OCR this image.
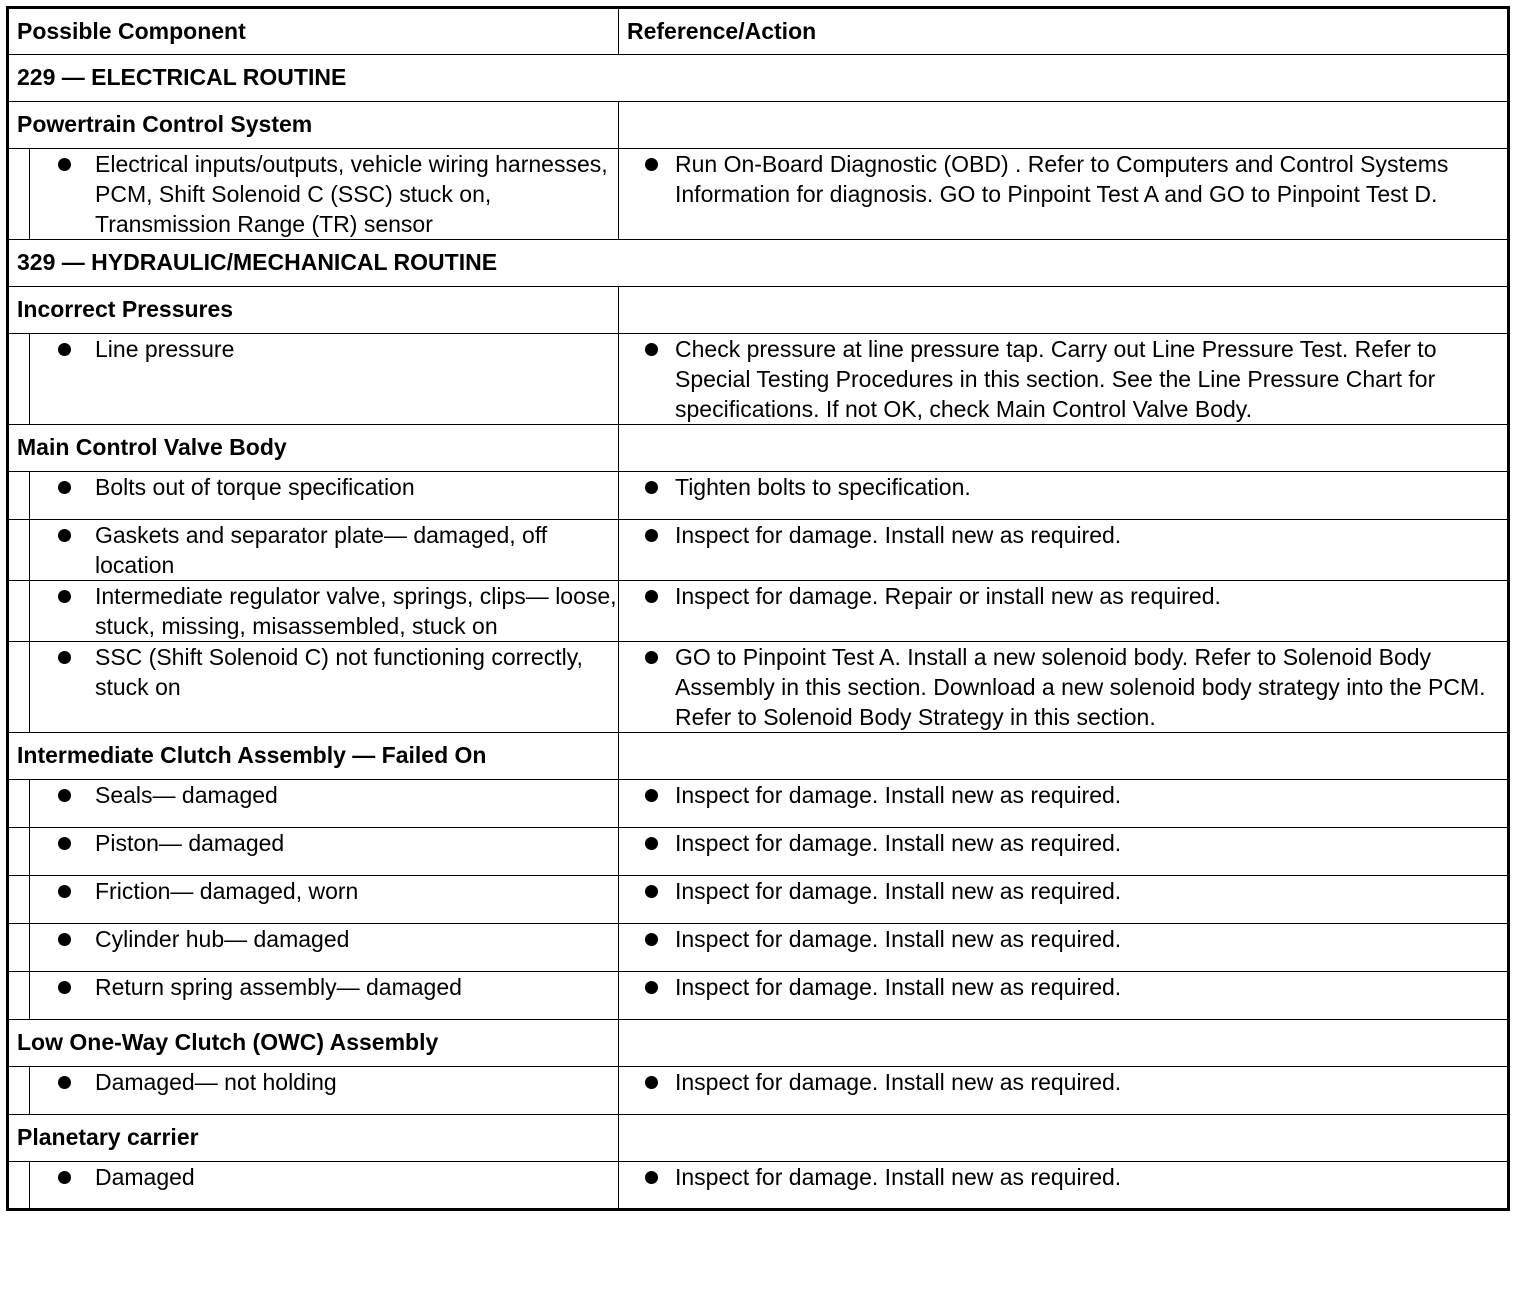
Possible Component		Reference/Action
229 — ELECTRICAL ROUTINE		
Powertrain Control System		

	Electrical inputs/outputs, vehicle wiring harnesses, PCM, Shift Solenoid C (SSC) stuck on, Transmission Range (TR) sensor	Run On-Board Diagnostic (OBD) . Refer to Computers and Control Systems Information for diagnosis. GO to Pinpoint Test A and GO to Pinpoint Test D.

329 — HYDRAULIC/MECHANICAL ROUTINE		
Incorrect Pressures		

	Line pressure	Check pressure at line pressure tap. Carry out Line Pressure Test. Refer to Special Testing Procedures in this section. See the Line Pressure Chart for specifications. If not OK, check Main Control Valve Body.

Main Control Valve Body		

	Bolts out of torque specification	Tighten bolts to specification.

	Gaskets and separator plate— damaged, off location	Inspect for damage. Install new as required.

	Intermediate regulator valve, springs, clips— loose, stuck, missing, misassembled, stuck on	Inspect for damage. Repair or install new as required.

	SSC (Shift Solenoid C) not functioning correctly, stuck on	GO to Pinpoint Test A. Install a new solenoid body. Refer to Solenoid Body Assembly in this section. Download a new solenoid body strategy into the PCM. Refer to Solenoid Body Strategy in this section.

Intermediate Clutch Assembly — Failed On		

	Seals— damaged	Inspect for damage. Install new as required.

	Piston— damaged	Inspect for damage. Install new as required.

	Friction— damaged, worn	Inspect for damage. Install new as required.

	Cylinder hub— damaged	Inspect for damage. Install new as required.

	Return spring assembly— damaged	Inspect for damage. Install new as required.

Low One-Way Clutch (OWC) Assembly		

	Damaged— not holding	Inspect for damage. Install new as required.

Planetary carrier		

	Damaged	Inspect for damage. Install new as required.
